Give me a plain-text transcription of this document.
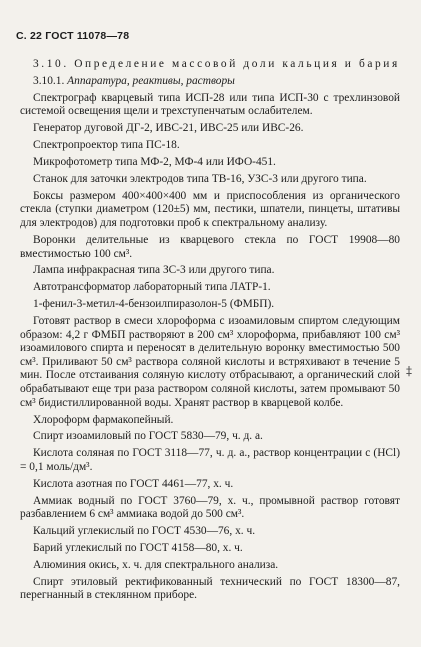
С. 22 ГОСТ 11078—78

3.10. Определение массовой доли кальция и бария

3.10.1. Аппаратура, реактивы, растворы

Спектрограф кварцевый типа ИСП-28 или типа ИСП-30 с трехлинзовой системой освещения щели и трехступенчатым ослабителем.

Генератор дуговой ДГ-2, ИВС-21, ИВС-25 или ИВС-26.

Спектропроектор типа ПС-18.

Микрофотометр типа МФ-2, МФ-4 или ИФО-451.

Станок для заточки электродов типа ТВ-16, УЗС-3 или другого типа.

Боксы размером 400×400×400 мм и приспособления из органического стекла (ступки диаметром (120±5) мм, пестики, шпатели, пинцеты, штативы для электродов) для подготовки проб к спектральному анализу.

Воронки делительные из кварцевого стекла по ГОСТ 19908—80 вместимостью 100 см³.

Лампа инфракрасная типа ЗС-3 или другого типа.

Автотрансформатор лабораторный типа ЛАТР-1.

1-фенил-3-метил-4-бензоилпиразолон-5 (ФМБП).

Готовят раствор в смеси хлороформа с изоамиловым спиртом следующим образом: 4,2 г ФМБП растворяют в 200 см³ хлороформа, прибавляют 100 см³ изоамилового спирта и переносят в делительную воронку вместимостью 500 см³. Приливают 50 см³ раствора соляной кислоты и встряхивают в течение 5 мин. После отстаивания соляную кислоту отбрасывают, а органический слой обрабатывают еще три раза раствором соляной кислоты, затем промывают 50 см³ бидистиллированной воды. Хранят раствор в кварцевой колбе.

Хлороформ фармакопейный.

Спирт изоамиловый по ГОСТ 5830—79, ч. д. а.

Кислота соляная по ГОСТ 3118—77, ч. д. а., раствор концентрации с (HCl) = 0,1 моль/дм³.

Кислота азотная по ГОСТ 4461—77, х. ч.

Аммиак водный по ГОСТ 3760—79, х. ч., промывной раствор готовят разбавлением 6 см³ аммиака водой до 500 см³.

Кальций углекислый по ГОСТ 4530—76, х. ч.

Барий углекислый по ГОСТ 4158—80, х. ч.

Алюминия окись, х. ч. для спектрального анализа.

Спирт этиловый ректификованный технический по ГОСТ 18300—87, перегнанный в стеклянном приборе.

‡
